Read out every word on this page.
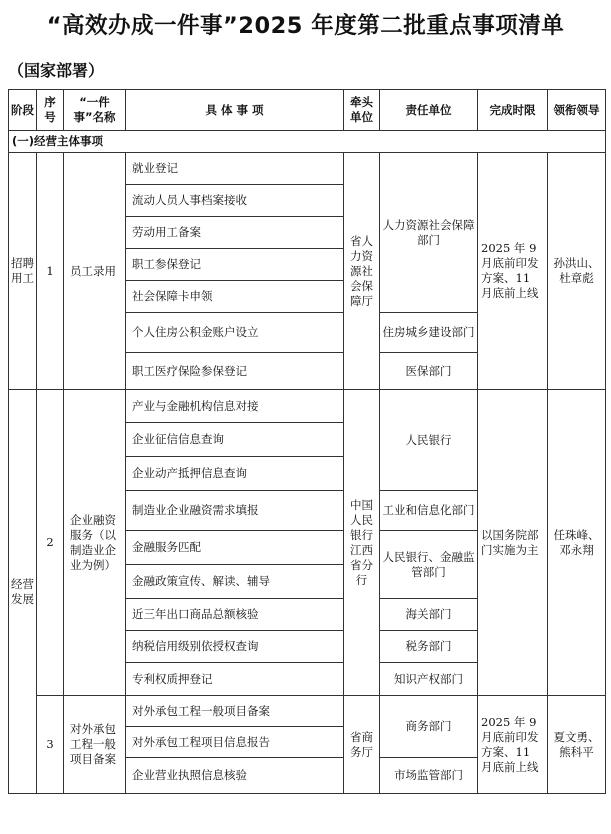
“高效办成一件事”2025 年度第二批重点事项清单
（国家部署）
阶段	序号	“一件事”名称	具 体 事 项	牵头单位	责任单位	完成时限	领衔领导
(一)经营主体事项							
招聘用工	1	员工录用	就业登记	省人力资源社会保障厅	人力资源社会保障部门	2025 年 9 月底前印发方案、11 月底前上线	孙洪山、杜章彪
			流动人员人事档案接收				
			劳动用工备案				
			职工参保登记				
			社会保障卡申领				
			个人住房公积金账户设立		住房城乡建设部门		
			职工医疗保险参保登记		医保部门		
经营发展	2	企业融资服务（以制造业企业为例）	产业与金融机构信息对接	中国人民银行江西省分行	人民银行	以国务院部门实施为主	任珠峰、邓永翔
			企业征信信息查询				
			企业动产抵押信息查询				
			制造业企业融资需求填报		工业和信息化部门		
			金融服务匹配		人民银行、金融监管部门		
			金融政策宣传、解读、辅导				
			近三年出口商品总额核验		海关部门		
			纳税信用级别依授权查询		税务部门		
			专利权质押登记		知识产权部门		
	3	对外承包工程一般项目备案	对外承包工程一般项目备案	省商务厅	商务部门	2025 年 9 月底前印发方案、11 月底前上线	夏文勇、熊科平
			对外承包工程项目信息报告				
			企业营业执照信息核验		市场监管部门		
